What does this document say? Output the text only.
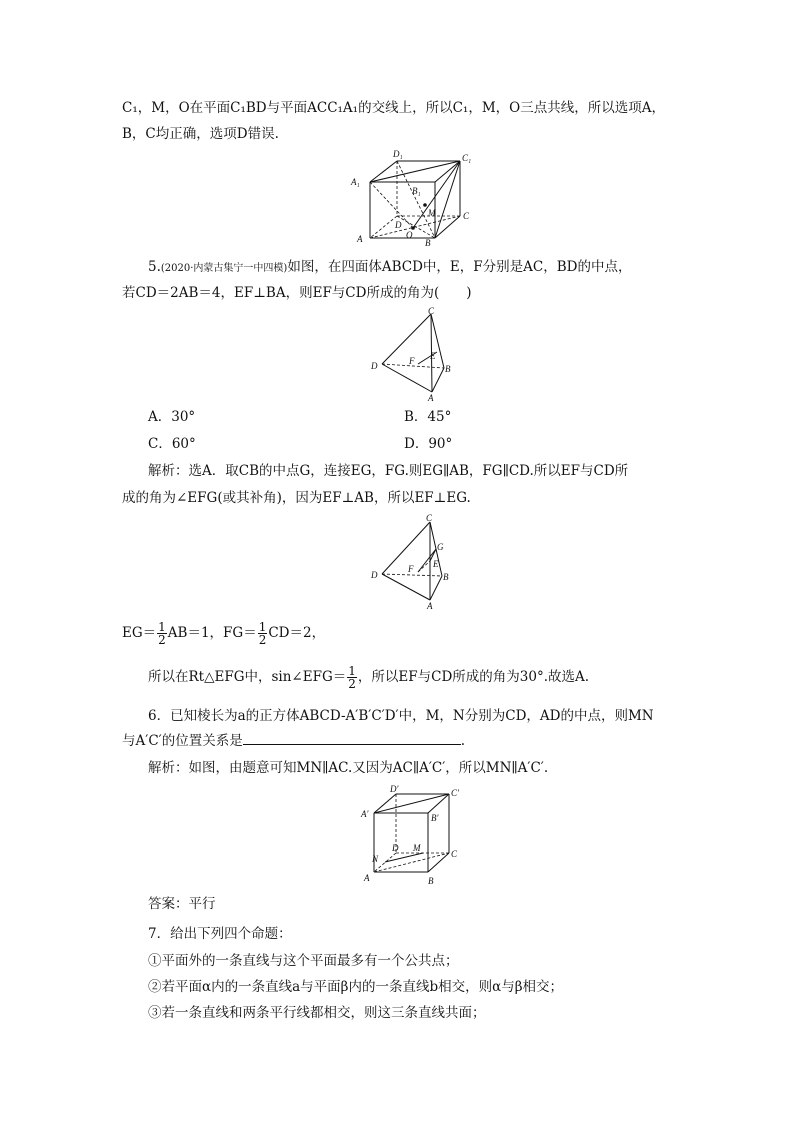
C₁，M，O在平面C₁BD与平面ACC₁A₁的交线上，所以C₁，M，O三点共线，所以选项A，
B，C均正确，选项D错误.
D₁	C₁
A₁
B₁
M
D
C
A	O
B
5.(2020·内蒙古集宁一中四模)如图，在四面体ABCD中，E，F分别是AC，BD的中点，
若CD＝2AB＝4，EF⊥BA，则EF与CD所成的角为(　　)
C
F E
D	B
A
A．30°	B．45°
C．60°	D．90°
解析：选A．取CB的中点G，连接EG，FG.则EG∥AB，FG∥CD.所以EF与CD所
成的角为∠EFG(或其补角)，因为EF⊥AB，所以EF⊥EG.
C
G
E
F
D	B
A
$EG= \frac{1}{2} AB=1$，$FG= \frac{1}{2} CD=2$，
所以在Rt△EFG中，sin∠EFG＝ $\frac{1}{2}$ ，所以EF与CD所成的角为30°.故选A.
6．已知棱长为a的正方体ABCD-A′B′C′D′中，M，N分别为CD，AD的中点，则MN
与A′C′的位置关系是	.
解析：如图，由题意可知MN∥AC.又因为AC∥A′C′，所以MN∥A′C′.
D′	C′
A′	B′
D M
N	C
A	B
答案：平行
7．给出下列四个命题：
①平面外的一条直线与这个平面最多有一个公共点；
②若平面α内的一条直线a与平面β内的一条直线b相交，则α与β相交；
③若一条直线和两条平行线都相交，则这三条直线共面；
